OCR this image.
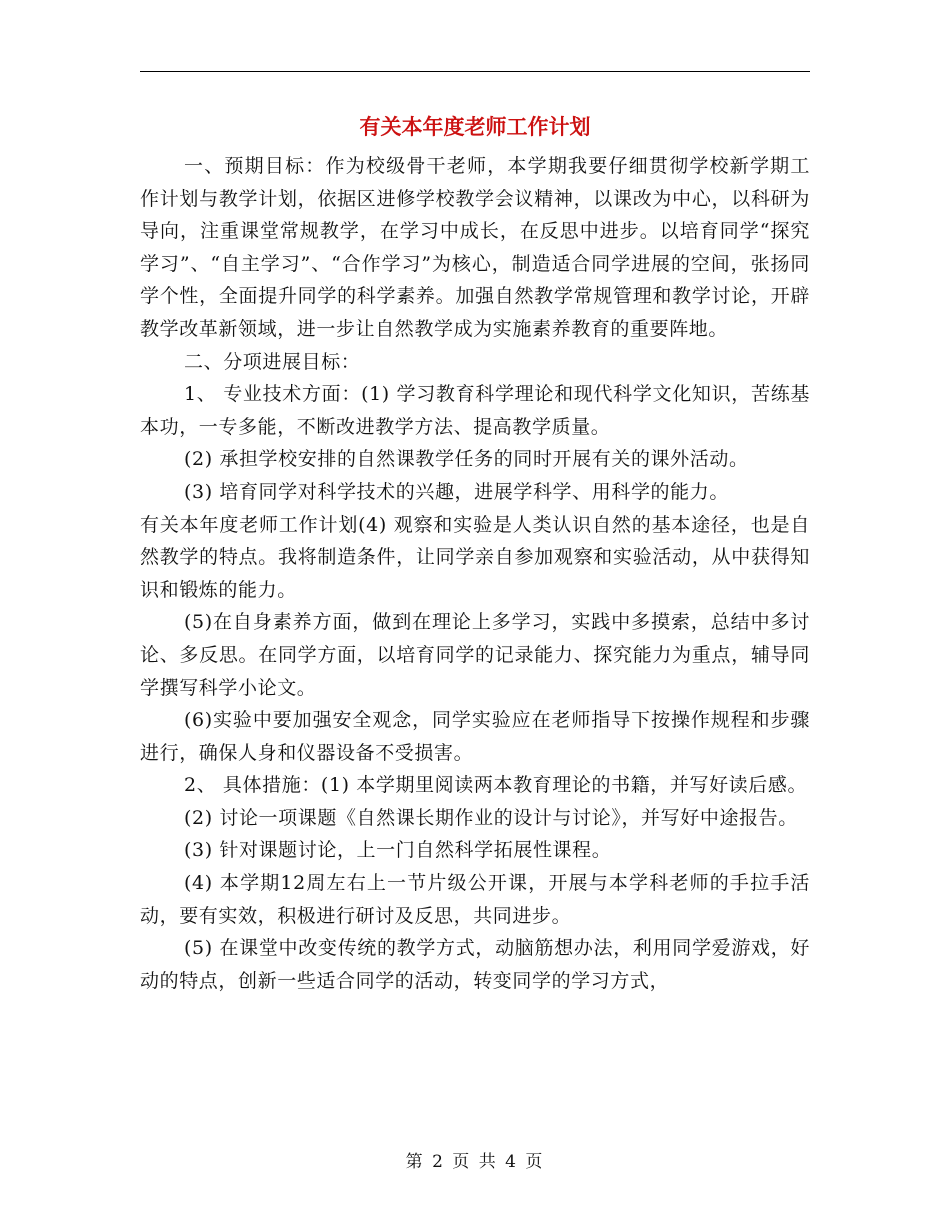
有关本年度老师工作计划

一、预期目标：作为校级骨干老师，本学期我要仔细贯彻学校新学期工作计划与教学计划，依据区进修学校教学会议精神，以课改为中心，以科研为导向，注重课堂常规教学，在学习中成长，在反思中进步。以培育同学“探究学习”、“自主学习”、“合作学习”为核心，制造适合同学进展的空间，张扬同学个性，全面提升同学的科学素养。加强自然教学常规管理和教学讨论，开辟教学改革新领域，进一步让自然教学成为实施素养教育的重要阵地。

二、分项进展目标：

1、 专业技术方面：(1) 学习教育科学理论和现代科学文化知识，苦练基本功，一专多能，不断改进教学方法、提高教学质量。

(2) 承担学校安排的自然课教学任务的同时开展有关的课外活动。

(3) 培育同学对科学技术的兴趣，进展学科学、用科学的能力。

有关本年度老师工作计划(4) 观察和实验是人类认识自然的基本途径，也是自然教学的特点。我将制造条件，让同学亲自参加观察和实验活动，从中获得知识和锻炼的能力。

(5)在自身素养方面，做到在理论上多学习，实践中多摸索，总结中多讨论、多反思。在同学方面，以培育同学的记录能力、探究能力为重点，辅导同学撰写科学小论文。

(6)实验中要加强安全观念，同学实验应在老师指导下按操作规程和步骤进行，确保人身和仪器设备不受损害。

2、 具体措施：(1) 本学期里阅读两本教育理论的书籍，并写好读后感。

(2) 讨论一项课题《自然课长期作业的设计与讨论》，并写好中途报告。

(3) 针对课题讨论，上一门自然科学拓展性课程。

(4) 本学期12周左右上一节片级公开课，开展与本学科老师的手拉手活动，要有实效，积极进行研讨及反思，共同进步。

(5) 在课堂中改变传统的教学方式，动脑筋想办法，利用同学爱游戏，好动的特点，创新一些适合同学的活动，转变同学的学习方式，

第 2 页 共 4 页
